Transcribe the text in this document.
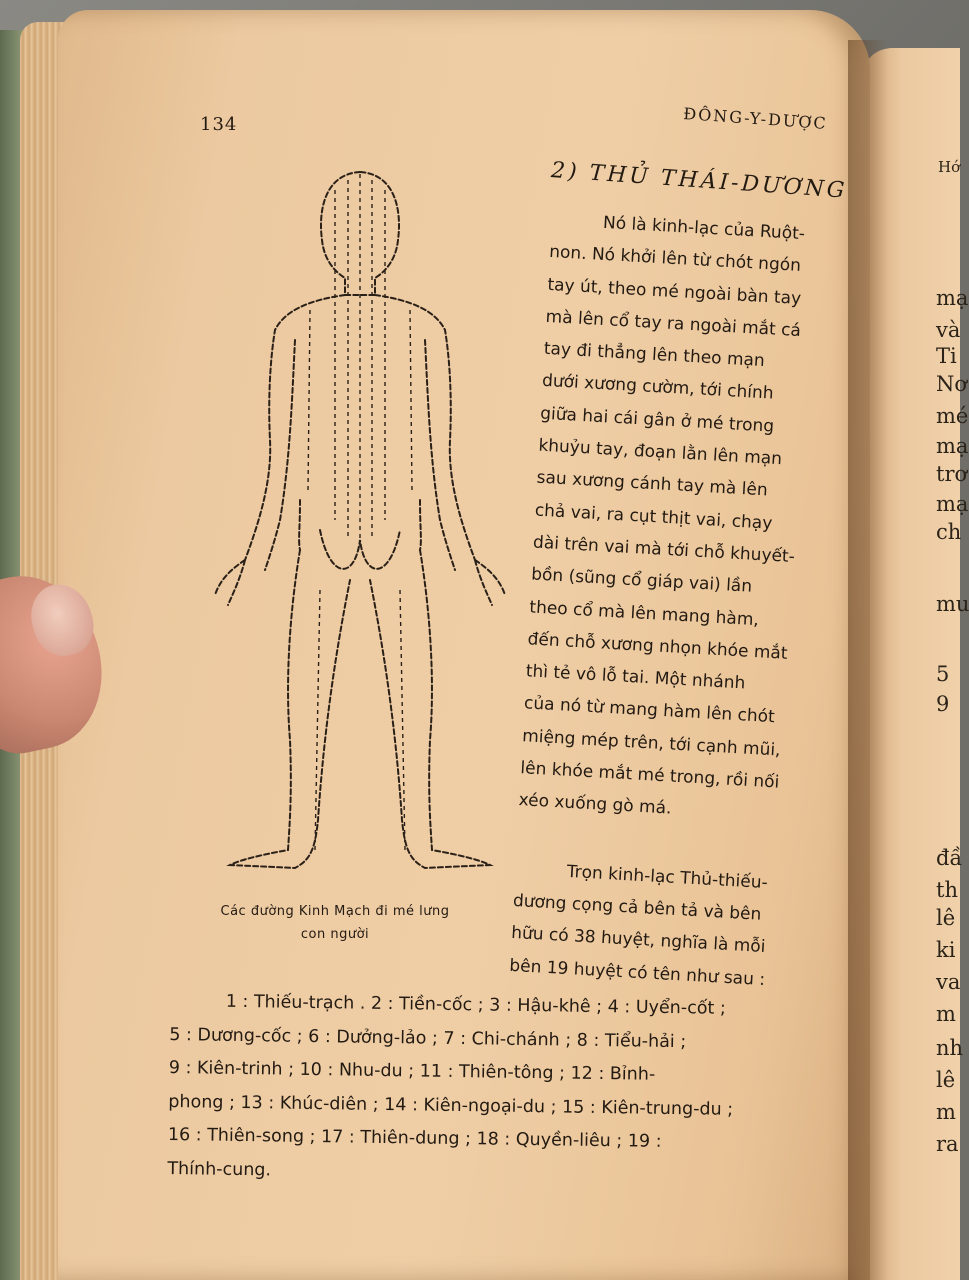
Hớ
mạ
và
Ti
Nơ
mé
mạ
trơ
mạ
ch
mu
5
9
đầ
th
lê
ki
va
m
nh
lê
m
ra
134	ĐÔNG-Y-DƯỢC
2) THỦ THÁI-DƯƠNG
Các đường Kinh Mạch đi mé lưng
con người
Nó là kinh-lạc của Ruột-
non. Nó khởi lên từ chót ngón
tay út, theo mé ngoài bàn tay
mà lên cổ tay ra ngoài mắt cá
tay đi thẳng lên theo mạn
dưới xương cườm, tới chính
giữa hai cái gân ở mé trong
khuỷu tay, đoạn lằn lên mạn
sau xương cánh tay mà lên
chả vai, ra cụt thịt vai, chạy
dài trên vai mà tới chỗ khuyết-
bồn (sũng cổ giáp vai) lần
theo cổ mà lên mang hàm,
đến chỗ xương nhọn khóe mắt
thì tẻ vô lỗ tai. Một nhánh
của nó từ mang hàm lên chót
miệng mép trên, tới cạnh mũi,
lên khóe mắt mé trong, rồi nối
xéo xuống gò má.
Trọn kinh-lạc Thủ-thiếu-
dương cọng cả bên tả và bên
hữu có 38 huyệt, nghĩa là mỗi
bên 19 huyệt có tên như sau :
1 : Thiếu-trạch . 2 : Tiền-cốc ; 3 : Hậu-khê ; 4 : Uyển-cốt ;
5 : Dương-cốc ; 6 : Dưởng-lảo ; 7 : Chi-chánh ; 8 : Tiểu-hải ;
9 : Kiên-trinh ; 10 : Nhu-du ; 11 : Thiên-tông ; 12 : Bỉnh-
phong ; 13 : Khúc-diên ; 14 : Kiên-ngoại-du ; 15 : Kiên-trung-du ;
16 : Thiên-song ; 17 : Thiên-dung ; 18 : Quyền-liêu ; 19 :
Thính-cung.
